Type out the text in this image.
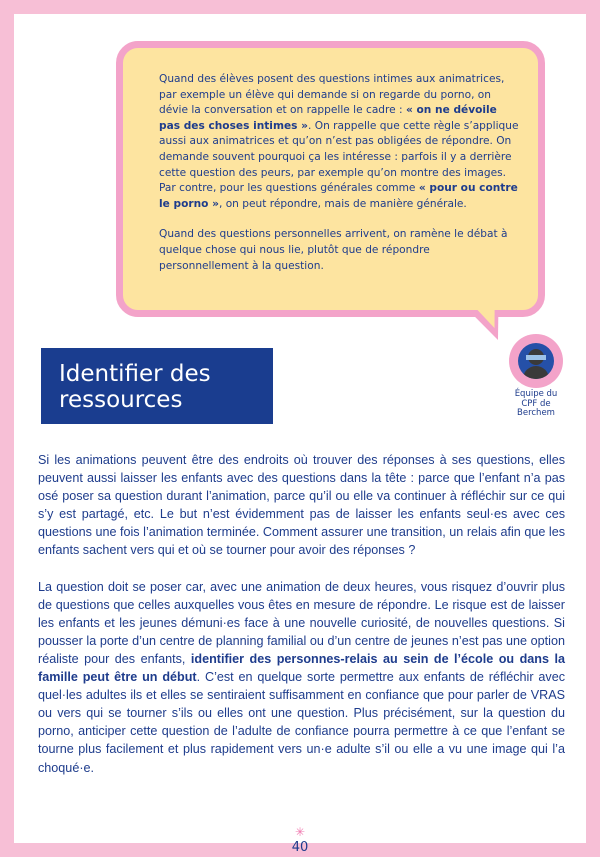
Quand des élèves posent des questions intimes aux animatrices, par exemple un élève qui demande si on regarde du porno, on dévie la conversation et on rappelle le cadre : « on ne dévoile pas des choses intimes ». On rappelle que cette règle s’applique aussi aux animatrices et qu’on n’est pas obligées de répondre. On demande souvent pourquoi ça les intéresse : parfois il y a derrière cette question des peurs, par exemple qu’on montre des images. Par contre, pour les questions générales comme « pour ou contre le porno », on peut répondre, mais de manière générale.

Quand des questions personnelles arrivent, on ramène le débat à quelque chose qui nous lie, plutôt que de répondre personnellement à la question.

Équipe du
CPF de
Berchem
Identifier des
ressources

Si les animations peuvent être des endroits où trouver des réponses à ses questions, elles peuvent aussi laisser les enfants avec des questions dans la tête : parce que l’enfant n’a pas osé poser sa question durant l’animation, parce qu’il ou elle va continuer à réfléchir sur ce qui s’y est partagé, etc. Le but n’est évidemment pas de laisser les enfants seul·es avec ces questions une fois l’animation terminée. Comment assurer une transition, un relais afin que les enfants sachent vers qui et où se tourner pour avoir des réponses ?

La question doit se poser car, avec une animation de deux heures, vous risquez d’ouvrir plus de questions que celles auxquelles vous êtes en mesure de répondre. Le risque est de laisser les enfants et les jeunes démuni·es face à une nouvelle curiosité, de nouvelles questions. Si pousser la porte d’un centre de planning familial ou d’un centre de jeunes n’est pas une option réaliste pour des enfants, identifier des personnes-relais au sein de l’école ou dans la famille peut être un début. C’est en quelque sorte permettre aux enfants de réfléchir avec quel·les adultes ils et elles se sentiraient suffisamment en confiance que pour parler de VRAS ou vers qui se tourner s’ils ou elles ont une question. Plus précisément, sur la question du porno, anticiper cette question de l’adulte de confiance pourra permettre à ce que l’enfant se tourne plus facilement et plus rapidement vers un·e adulte s’il ou elle a vu une image qui l’a choqué·e.

✳
40
